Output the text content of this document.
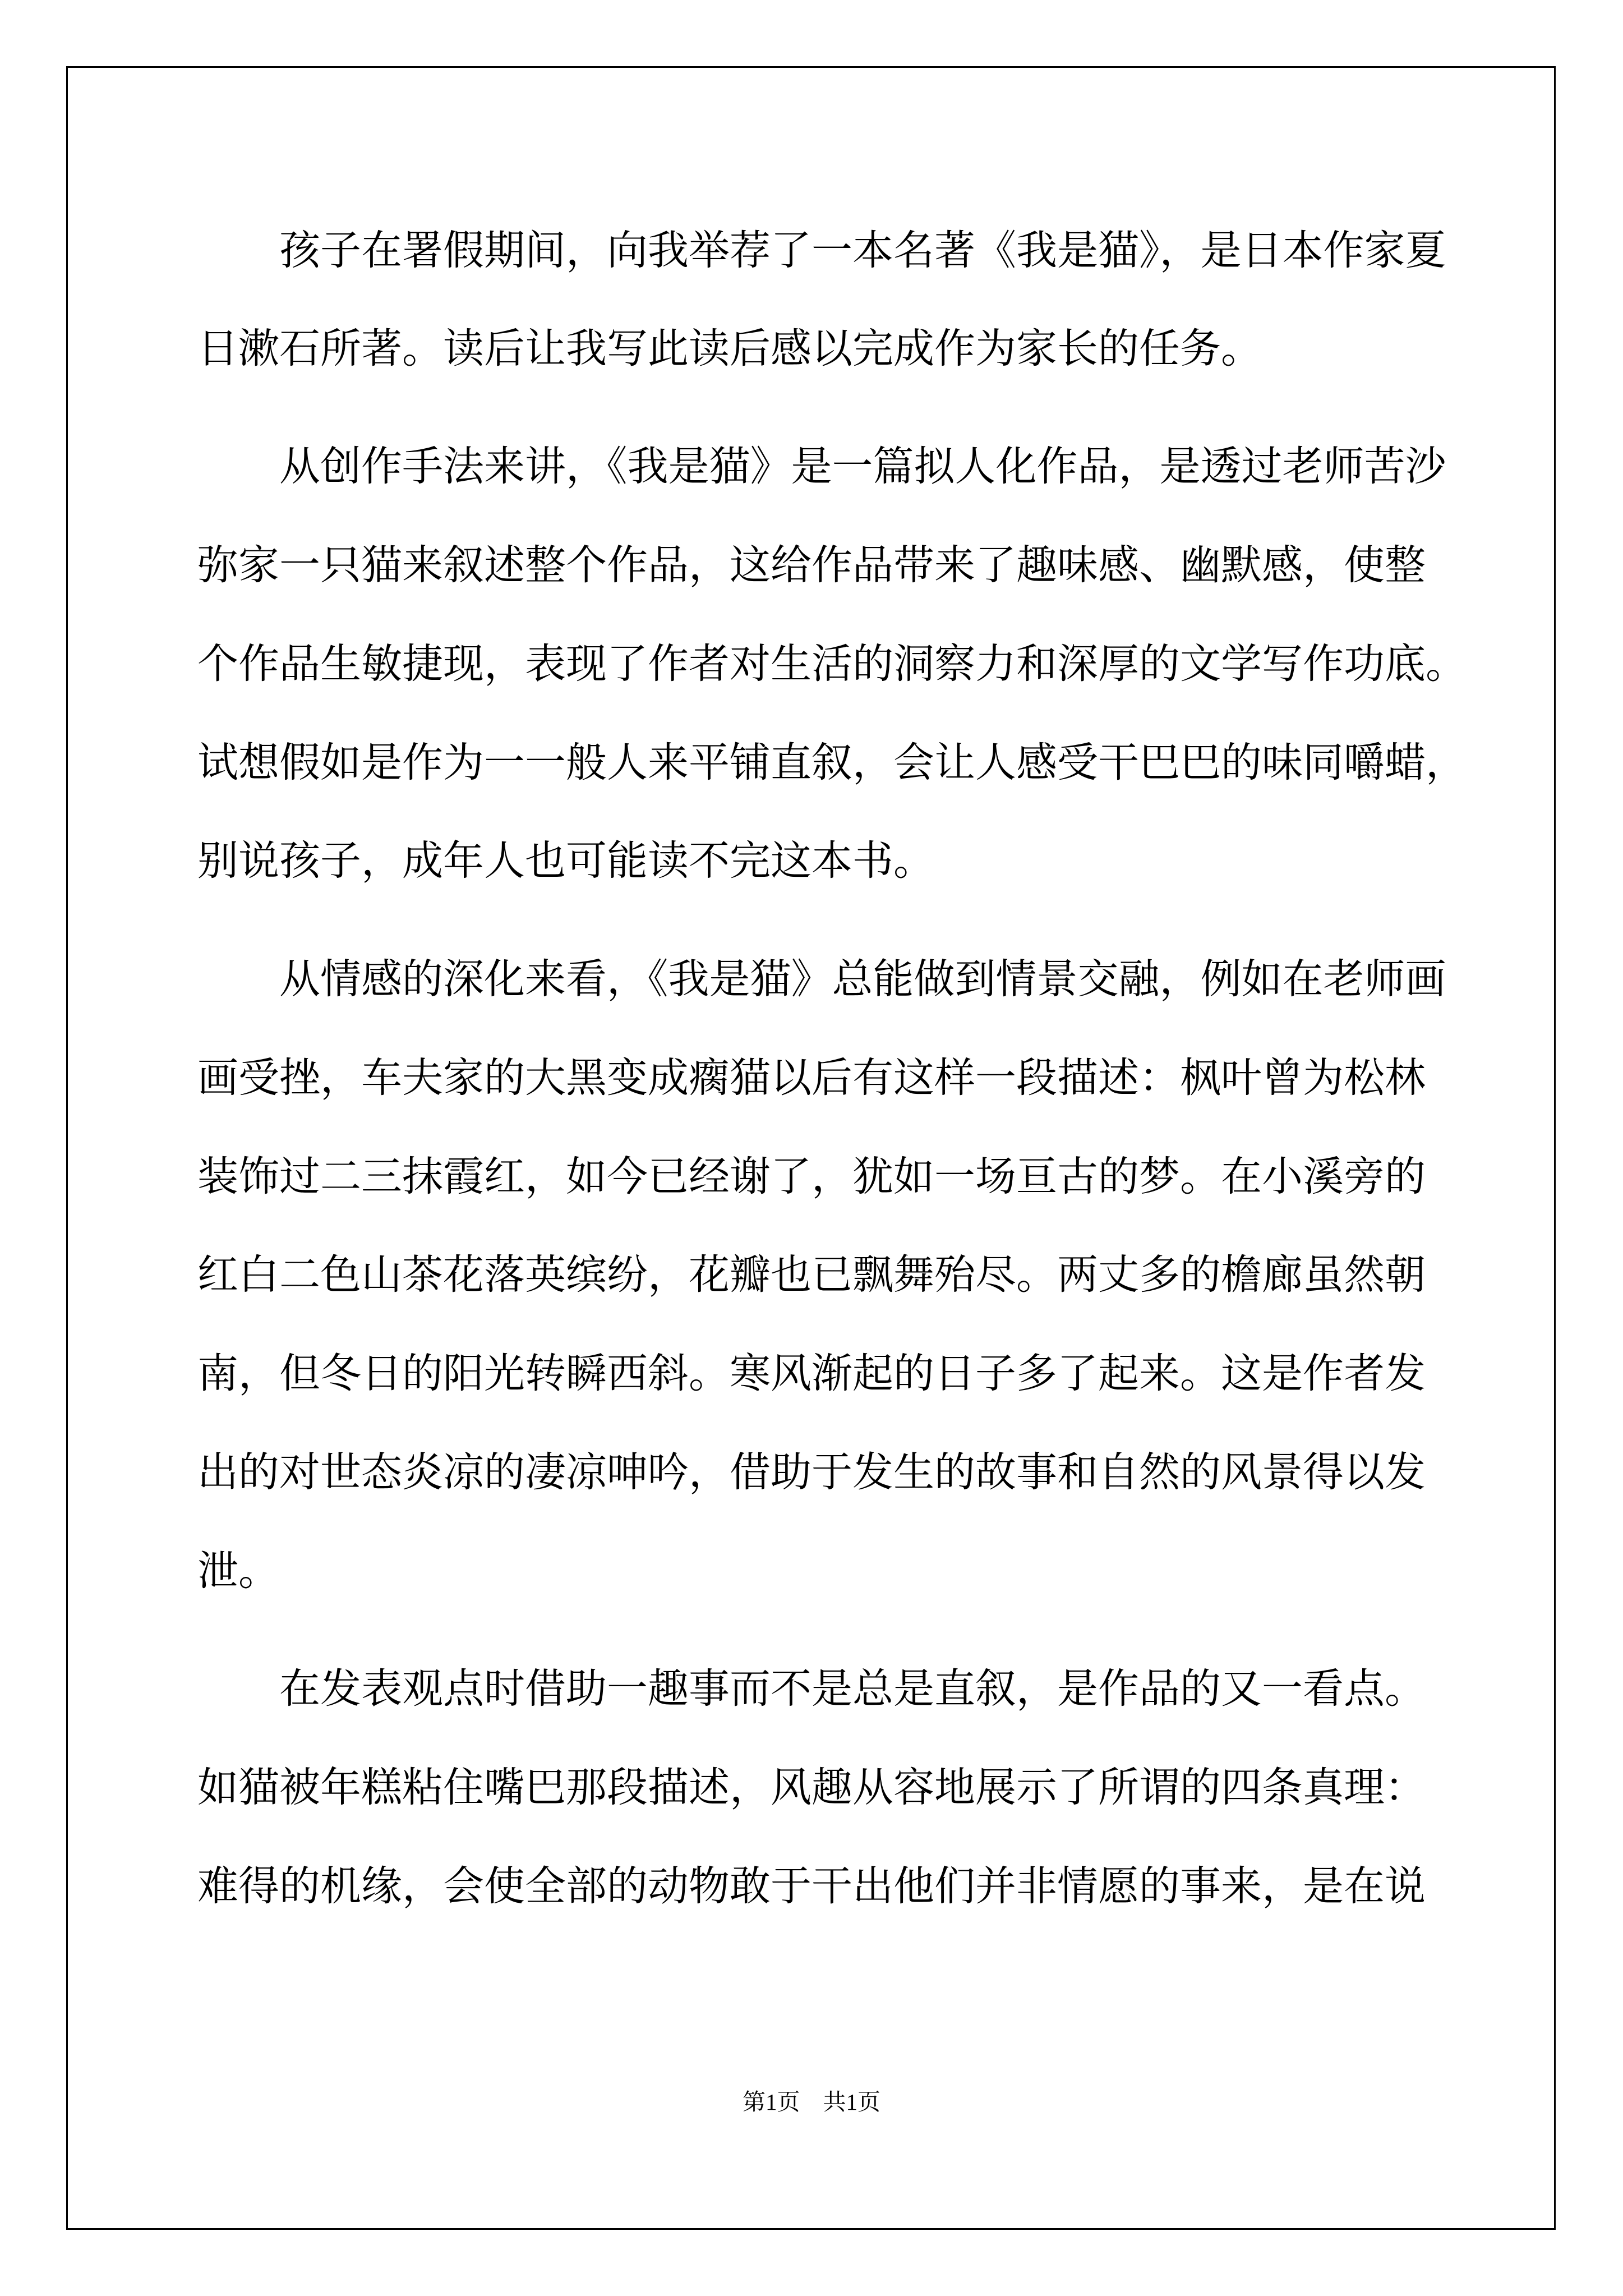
　　孩子在署假期间，向我举荐了一本名著《我是猫》，是日本作家夏
日漱石所著。读后让我写此读后感以完成作为家长的任务。
　　从创作手法来讲，《我是猫》是一篇拟人化作品，是透过老师苦沙
弥家一只猫来叙述整个作品，这给作品带来了趣味感、幽默感，使整
个作品生敏捷现，表现了作者对生活的洞察力和深厚的文学写作功底。
试想假如是作为一一般人来平铺直叙，会让人感受干巴巴的味同嚼蜡，
别说孩子，成年人也可能读不完这本书。
　　从情感的深化来看，《我是猫》总能做到情景交融，例如在老师画
画受挫，车夫家的大黑变成瘸猫以后有这样一段描述：枫叶曾为松林
装饰过二三抹霞红，如今已经谢了，犹如一场亘古的梦。在小溪旁的
红白二色山茶花落英缤纷，花瓣也已飘舞殆尽。两丈多的檐廊虽然朝
南，但冬日的阳光转瞬西斜。寒风渐起的日子多了起来。这是作者发
出的对世态炎凉的凄凉呻吟，借助于发生的故事和自然的风景得以发
泄。
　　在发表观点时借助一趣事而不是总是直叙，是作品的又一看点。
如猫被年糕粘住嘴巴那段描述，风趣从容地展示了所谓的四条真理：
难得的机缘，会使全部的动物敢于干出他们并非情愿的事来，是在说
第1页　共1页
